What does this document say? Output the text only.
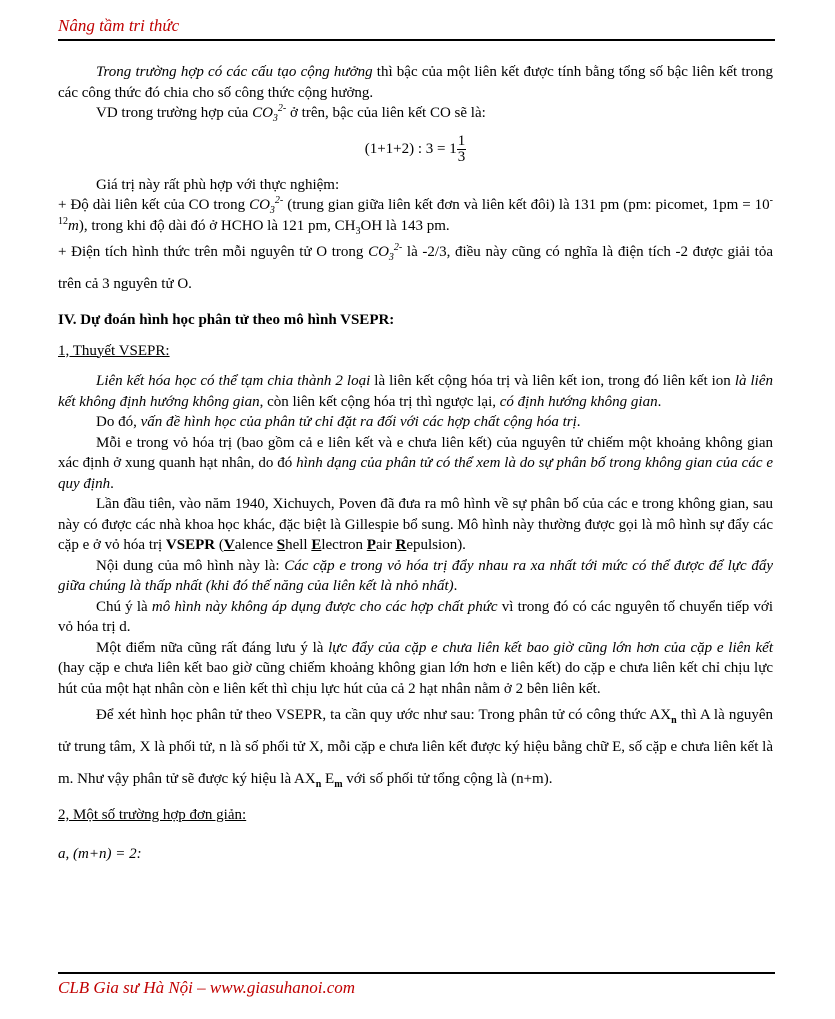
Nâng tầm tri thức

Trong trường hợp có các cấu tạo cộng hưởng thì bậc của một liên kết được tính bằng tổng số bậc liên kết trong các công thức đó chia cho số công thức cộng hưởng.

VD trong trường hợp của $CO_3^{2-}$ ở trên, bậc của liên kết CO sẽ là:

(1+1+2) : $3 = 1 \frac{1}{3}$

Giá trị này rất phù hợp với thực nghiệm:

+ Độ dài liên kết của CO trong $CO_3^{2-}$ (trung gian giữa liên kết đơn và liên kết đôi) là 131 pm (pm: picomet, $1pm = 10^{-12}m$), trong khi độ dài đó ở HCHO là 121 pm, $CH_3OH$ là 143 pm.

+ Điện tích hình thức trên mỗi nguyên tử O trong $CO_3^{2-}$ là -2/3, điều này cũng có nghĩa là điện tích -2 được giải tỏa trên cả 3 nguyên tử O.

IV. Dự đoán hình học phân tử theo mô hình VSEPR:

1, Thuyết VSEPR:

Liên kết hóa học có thể tạm chia thành 2 loại là liên kết cộng hóa trị và liên kết ion, trong đó liên kết ion là liên kết không định hướng không gian, còn liên kết cộng hóa trị thì ngược lại, có định hướng không gian.

Do đó, vấn đề hình học của phân tử chỉ đặt ra đối với các hợp chất cộng hóa trị.

Mỗi e trong vỏ hóa trị (bao gồm cả e liên kết và e chưa liên kết) của nguyên tử chiếm một khoảng không gian xác định ở xung quanh hạt nhân, do đó hình dạng của phân tử có thể xem là do sự phân bố trong không gian của các e quy định.

Lần đầu tiên, vào năm 1940, Xichuych, Poven đã đưa ra mô hình về sự phân bố của các e trong không gian, sau này có được các nhà khoa học khác, đặc biệt là Gillespie bổ sung. Mô hình này thường được gọi là mô hình sự đẩy các cặp e ở vỏ hóa trị VSEPR (Valence Shell Electron Pair Repulsion).

Nội dung của mô hình này là: Các cặp e trong vỏ hóa trị đẩy nhau ra xa nhất tới mức có thể được để lực đẩy giữa chúng là thấp nhất (khi đó thế năng của liên kết là nhỏ nhất).

Chú ý là mô hình này không áp dụng được cho các hợp chất phức vì trong đó có các nguyên tố chuyển tiếp với vỏ hóa trị d.

Một điểm nữa cũng rất đáng lưu ý là lực đẩy của cặp e chưa liên kết bao giờ cũng lớn hơn của cặp e liên kết (hay cặp e chưa liên kết bao giờ cũng chiếm khoảng không gian lớn hơn e liên kết) do cặp e chưa liên kết chỉ chịu lực hút của một hạt nhân còn e liên kết thì chịu lực hút của cả 2 hạt nhân nằm ở 2 bên liên kết.

Để xét hình học phân tử theo VSEPR, ta cần quy ước như sau: Trong phân tử có công thức $AX_n$ thì A là nguyên tử trung tâm, X là phối tử, n là số phối tử X, mỗi cặp e chưa liên kết được ký hiệu bằng chữ E, số cặp e chưa liên kết là m. Như vậy phân tử sẽ được ký hiệu là $AX_n$ $E_m$ với số phối tử tổng cộng là (n+m).

2, Một số trường hợp đơn giản:

a, (m+n) = 2:

CLB Gia sư Hà Nội – www.giasuhanoi.com
